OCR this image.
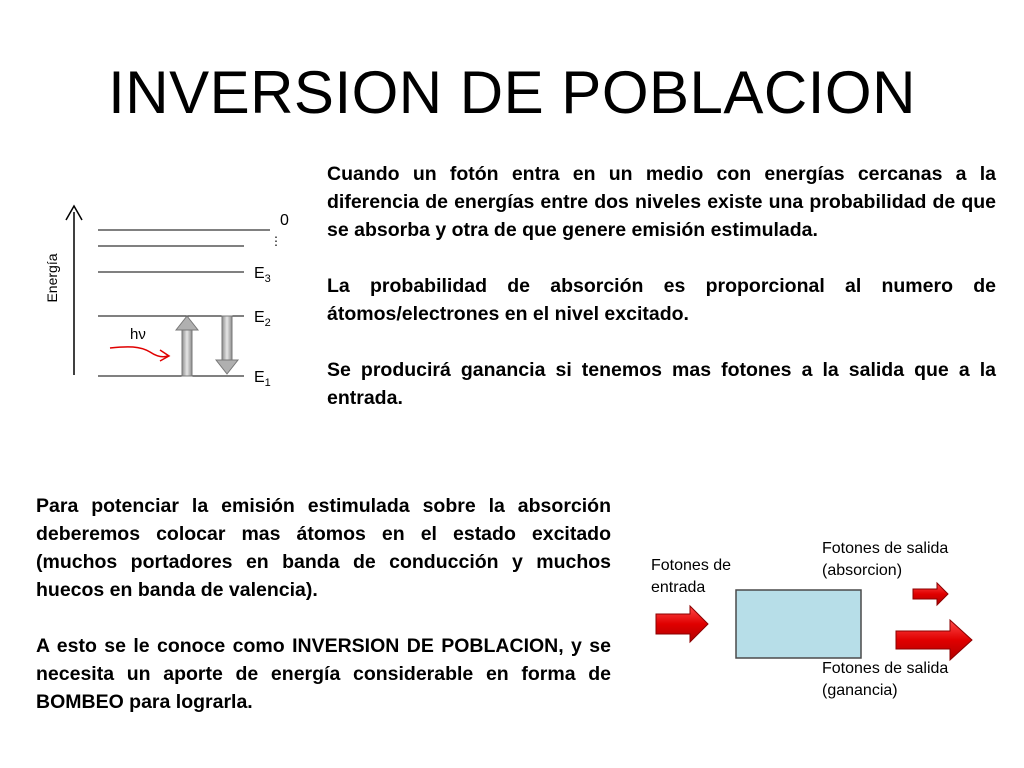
INVERSION DE POBLACION

Cuando un fotón entra en un medio con energías cercanas a la diferencia de energías entre dos niveles existe una probabilidad de que se absorba y otra de que genere emisión estimulada.

La probabilidad de absorción es proporcional al numero de átomos/electrones en el nivel excitado.

Se producirá ganancia si tenemos mas fotones a la salida que a la entrada.

Para potenciar la emisión estimulada sobre la absorción deberemos colocar mas átomos en el estado excitado (muchos portadores en banda de conducción y muchos huecos en banda de valencia).

A esto se le conoce como INVERSION DE POBLACION, y se necesita un aporte de energía considerable en forma de BOMBEO para lograrla.

Energía
0
⋮
$E_3$
$E_2$
$E_1$
hν
Fotones de entrada
Fotones de salida (absorcion)
Fotones de salida (ganancia)
